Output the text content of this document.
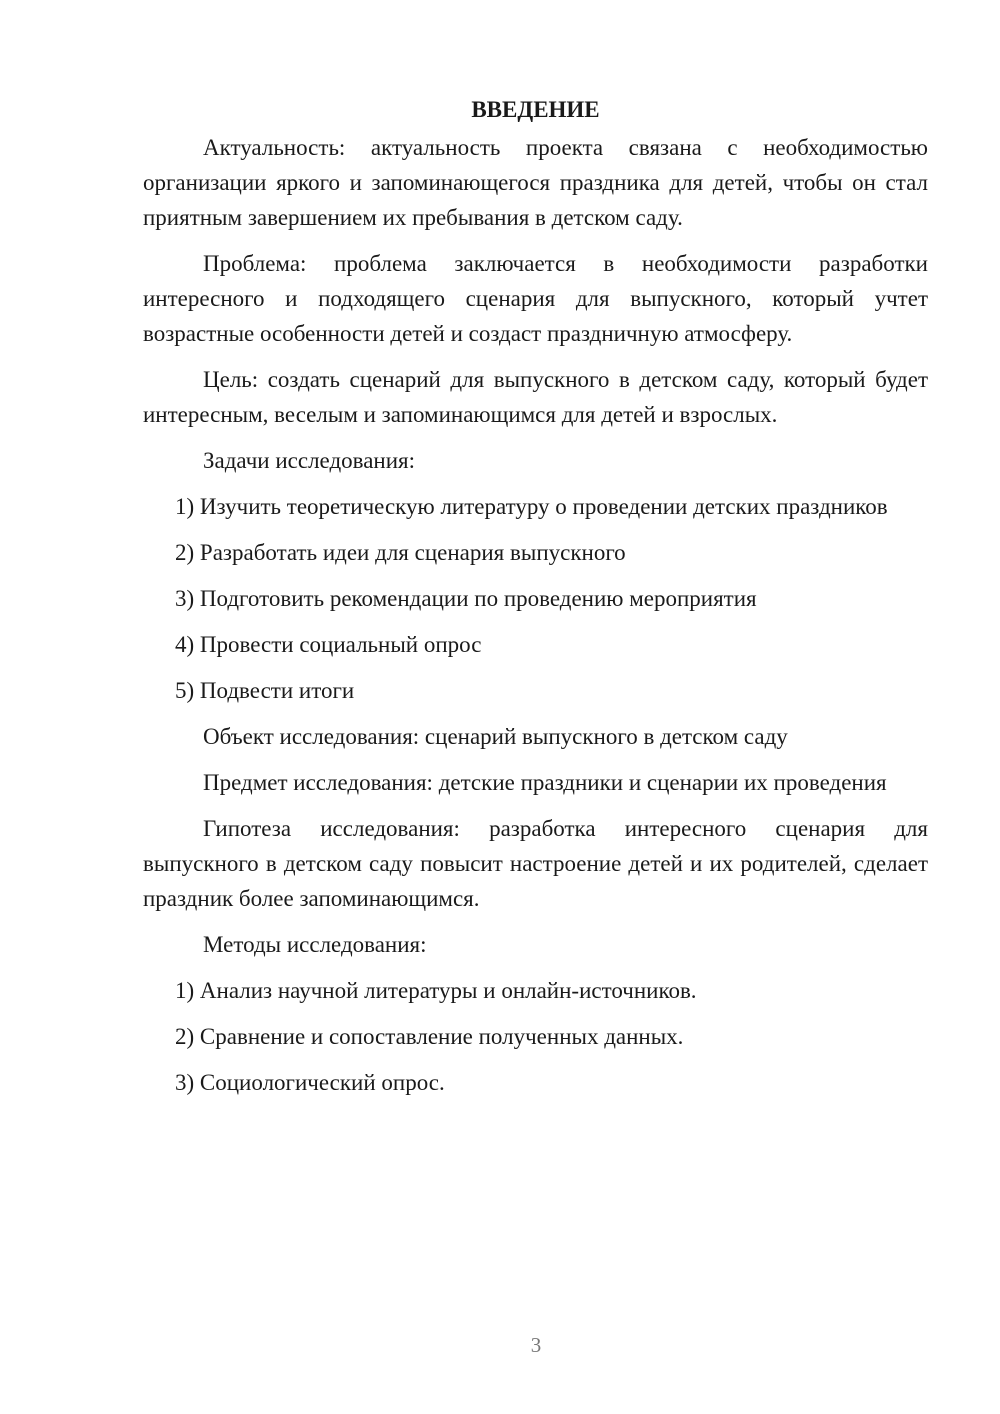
ВВЕДЕНИЕ

Актуальность: актуальность проекта связана с необходимостью организации яркого и запоминающегося праздника для детей, чтобы он стал приятным завершением их пребывания в детском саду.

Проблема: проблема заключается в необходимости разработки интересного и подходящего сценария для выпускного, который учтет возрастные особенности детей и создаст праздничную атмосферу.

Цель: создать сценарий для выпускного в детском саду, который будет интересным, веселым и запоминающимся для детей и взрослых.

Задачи исследования:

1) Изучить теоретическую литературу о проведении детских праздников

2) Разработать идеи для сценария выпускного

3) Подготовить рекомендации по проведению мероприятия

4) Провести социальный опрос

5) Подвести итоги

Объект исследования: сценарий выпускного в детском саду

Предмет исследования: детские праздники и сценарии их проведения

Гипотеза исследования: разработка интересного сценария для выпускного в детском саду повысит настроение детей и их родителей, сделает праздник более запоминающимся.

Методы исследования:

1) Анализ научной литературы и онлайн-источников.

2) Сравнение и сопоставление полученных данных.

3) Социологический опрос.

3
